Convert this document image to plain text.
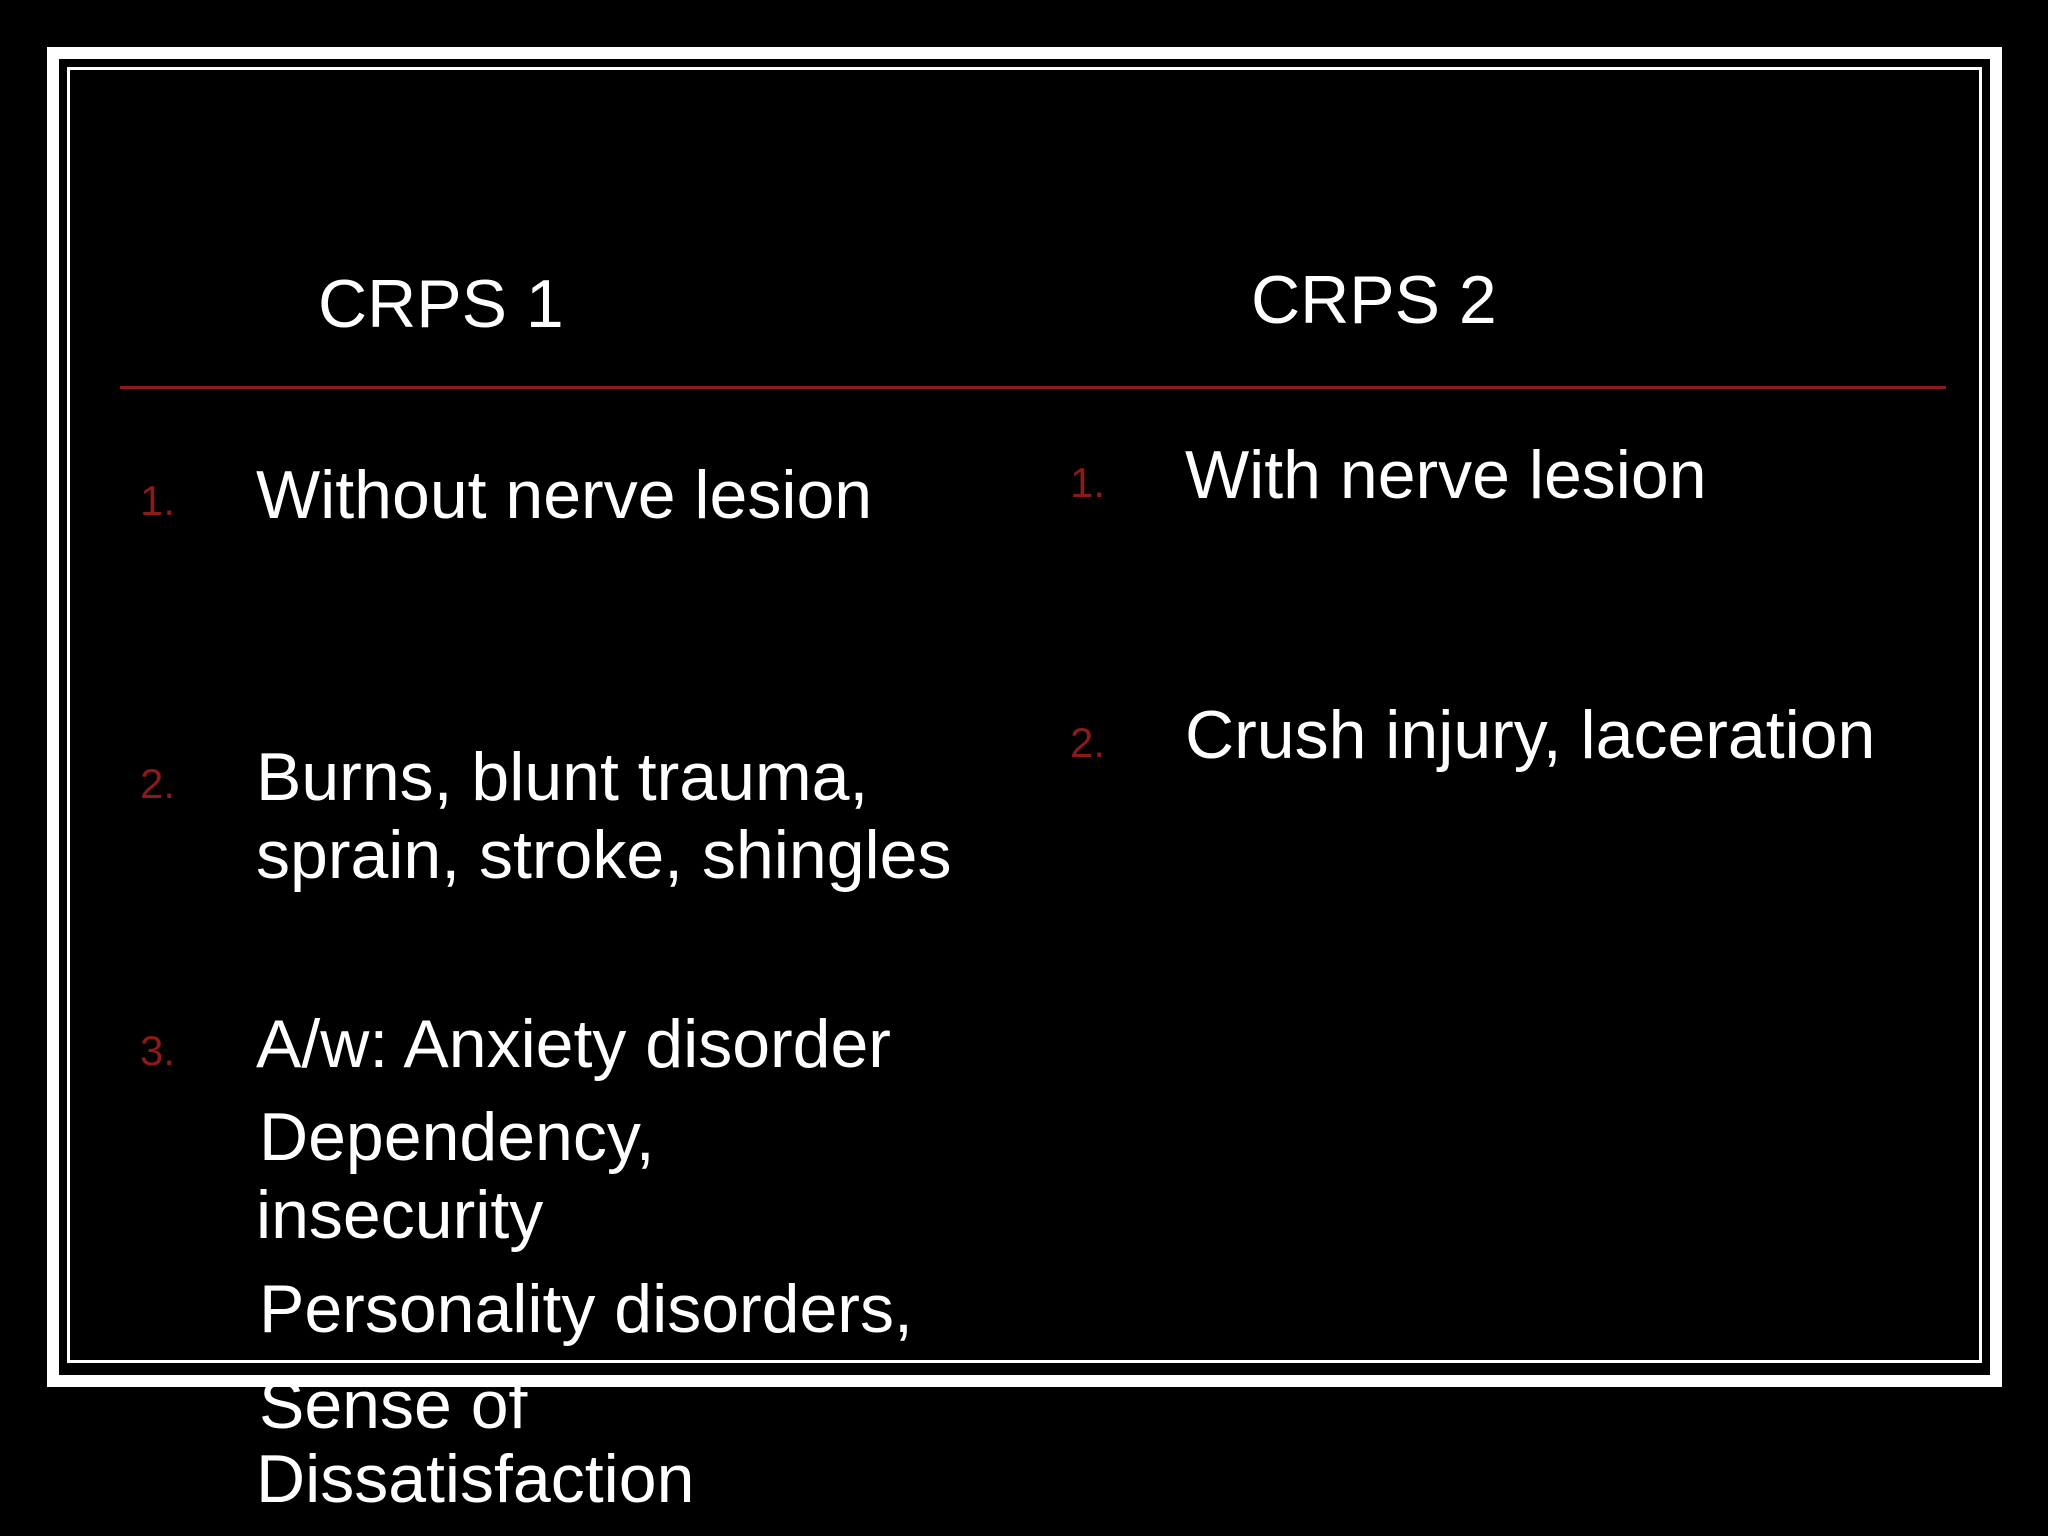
CRPS 1	CRPS 2
1. Without nerve lesion
2. Burns, blunt trauma,
sprain, stroke, shingles
3. A/w: Anxiety disorder
Dependency,
insecurity
Personality disorders,
Sense of
Dissatisfaction
1. With nerve lesion
2. Crush injury, laceration
